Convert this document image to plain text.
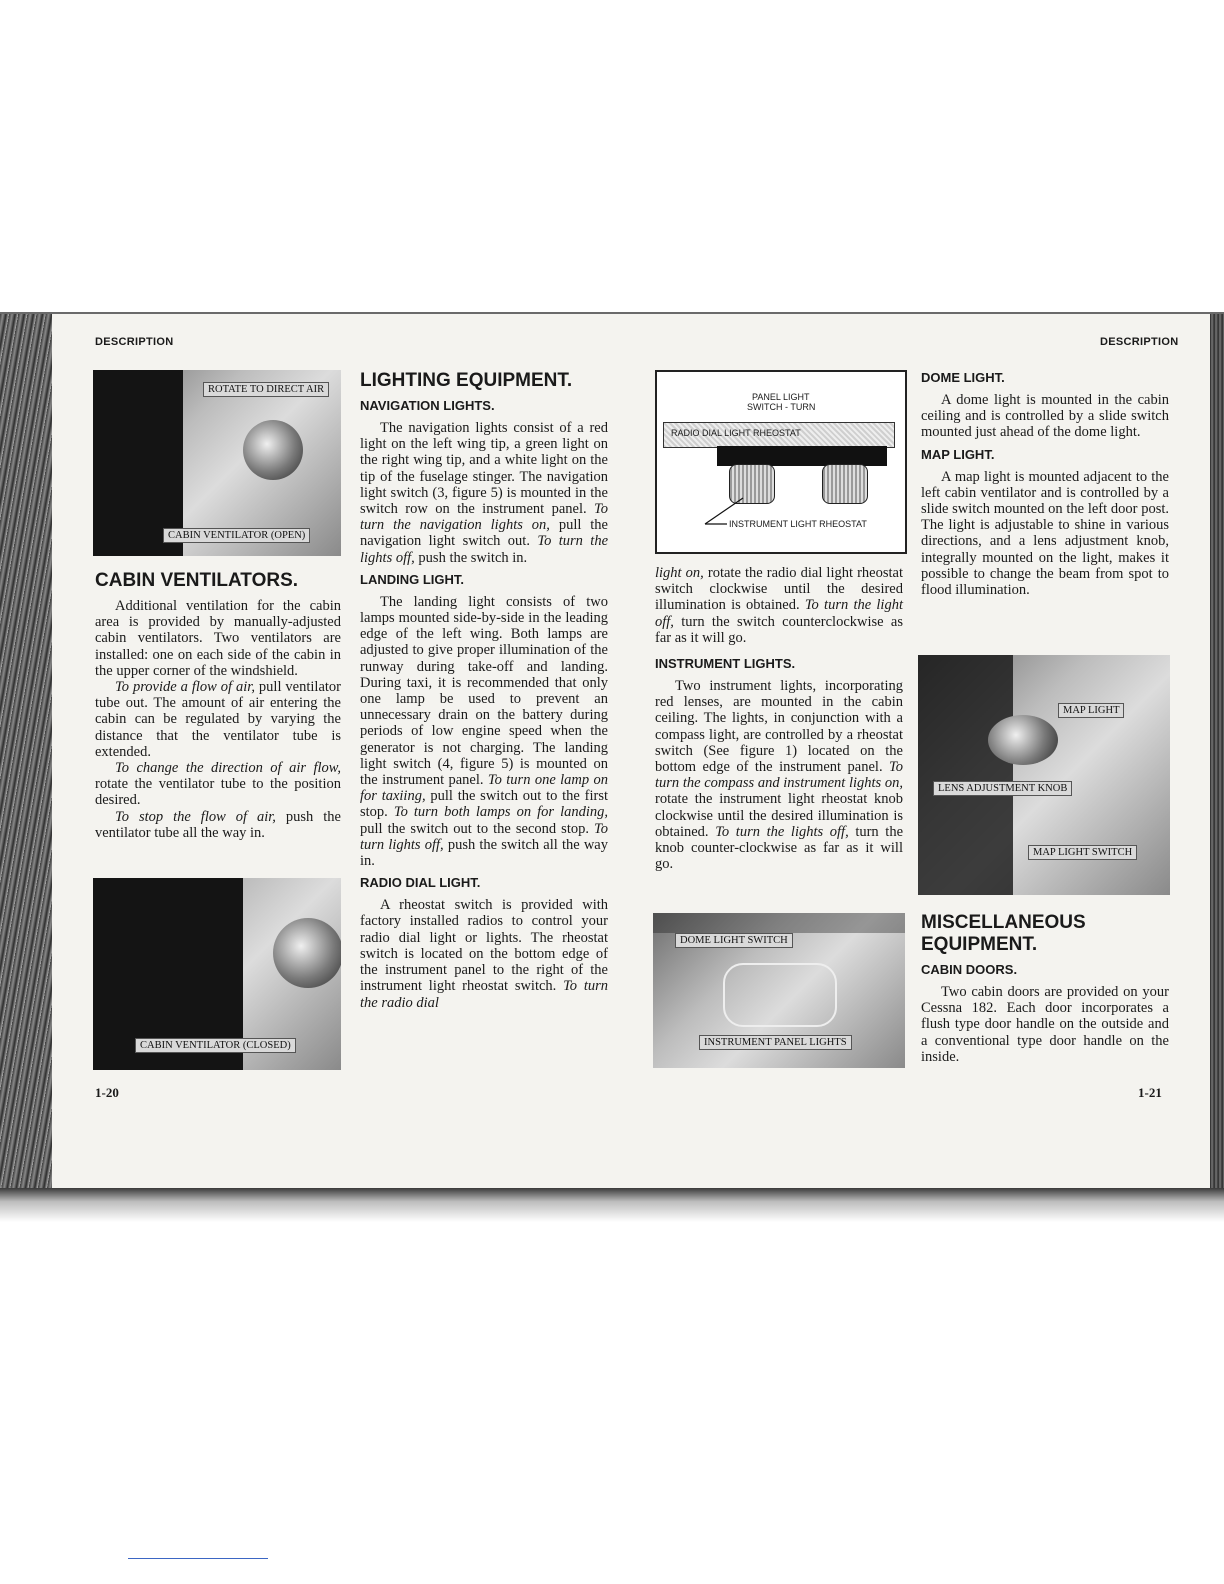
DESCRIPTION	DESCRIPTION
ROTATE TO DIRECT AIR
CABIN VENTILATOR (OPEN)
CABIN VENTILATORS.

Additional ventilation for the cabin area is provided by manually-adjusted cabin ventilators. Two ventilators are installed: one on each side of the cabin in the upper corner of the windshield.

To provide a flow of air, pull ventilator tube out. The amount of air entering the cabin can be regulated by varying the distance that the ventilator tube is extended.

To change the direction of air flow, rotate the ventilator tube to the position desired.

To stop the flow of air, push the ventilator tube all the way in.

CABIN VENTILATOR (CLOSED)
1-20
LIGHTING EQUIPMENT.
NAVIGATION LIGHTS.

The navigation lights consist of a red light on the left wing tip, a green light on the right wing tip, and a white light on the tip of the fuselage stinger. The navigation light switch (3, figure 5) is mounted in the switch row on the instrument panel. To turn the navigation lights on, pull the navigation light switch out. To turn the lights off, push the switch in.

LANDING LIGHT.

The landing light consists of two lamps mounted side-by-side in the leading edge of the left wing. Both lamps are adjusted to give proper illumination of the runway during take-off and landing. During taxi, it is recommended that only one lamp be used to prevent an unnecessary drain on the battery during periods of low engine speed when the generator is not charging. The landing light switch (4, figure 5) is mounted on the instrument panel. To turn one lamp on for taxiing, pull the switch out to the first stop. To turn both lamps on for landing, pull the switch out to the second stop. To turn lights off, push the switch all the way in.

RADIO DIAL LIGHT.

A rheostat switch is provided with factory installed radios to control your radio dial light or lights. The rheostat switch is located on the bottom edge of the instrument panel to the right of the instrument light rheostat switch. To turn the radio dial

PANEL LIGHT
SWITCH - TURN
RADIO DIAL LIGHT RHEOSTAT
INSTRUMENT LIGHT RHEOSTAT

light on, rotate the radio dial light rheostat switch clockwise until the desired illumination is obtained. To turn the light off, turn the switch counterclockwise as far as it will go.

INSTRUMENT LIGHTS.

Two instrument lights, incorporating red lenses, are mounted in the cabin ceiling. The lights, in conjunction with a compass light, are controlled by a rheostat switch (See figure 1) located on the bottom edge of the instrument panel. To turn the compass and instrument lights on, rotate the instrument light rheostat knob clockwise until the desired illumination is obtained. To turn the lights off, turn the knob counter-clockwise as far as it will go.

DOME LIGHT SWITCH
INSTRUMENT PANEL LIGHTS
DOME LIGHT.

A dome light is mounted in the cabin ceiling and is controlled by a slide switch mounted just ahead of the dome light.

MAP LIGHT.

A map light is mounted adjacent to the left cabin ventilator and is controlled by a slide switch mounted on the left door post. The light is adjustable to shine in various directions, and a lens adjustment knob, integrally mounted on the light, makes it possible to change the beam from spot to flood illumination.

MAP LIGHT
LENS ADJUSTMENT KNOB
MAP LIGHT SWITCH
MISCELLANEOUS EQUIPMENT.
CABIN DOORS.

Two cabin doors are provided on your Cessna 182. Each door incorporates a flush type door handle on the outside and a conventional type door handle on the inside.

1-21
